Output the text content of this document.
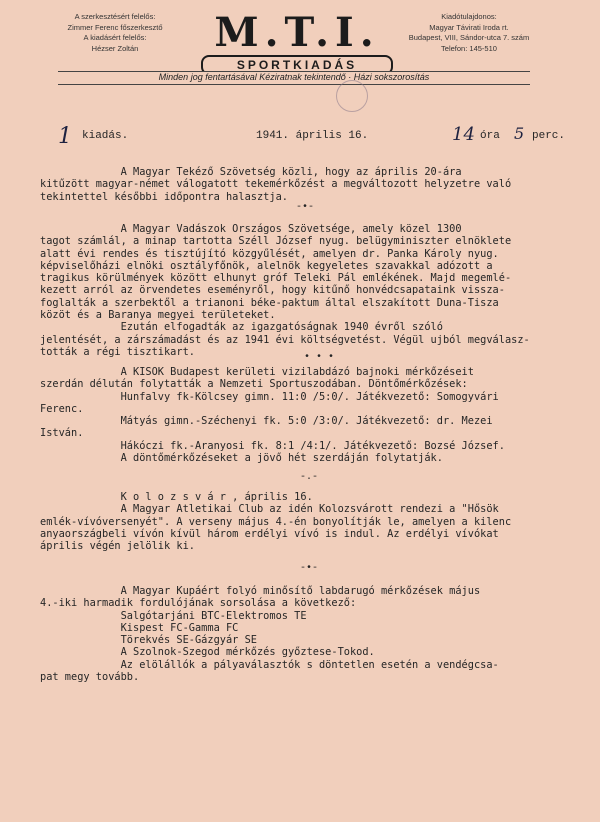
A szerkesztésért felelős:
Zimmer Ferenc főszerkesztő
A kiadásért felelős:
Hézser Zoltán	M.T.I.
SPORTKIADÁS
Kiadótulajdonos:
Magyar Távirati Iroda rt.
Budapest, VIII, Sándor-utca 7. szám
Telefon: 145-510
Minden jog fentartásával Kéziratnak tekintendő · Házi sokszorosítás
1 kiadás.	1941. április 16.	14 óra 5 perc.
A Magyar Tekéző Szövetség közli, hogy az április 20-ára
kitűzött magyar-német válogatott tekemérkőzést a megváltozott helyzetre való
tekintettel későbbi időpontra halasztja.
-•-
A Magyar Vadászok Országos Szövetsége, amely közel 1300
tagot számlál, a minap tartotta Széll József nyug. belügyminiszter elnöklete
alatt évi rendes és tisztújító közgyűlését, amelyen dr. Panka Károly nyug.
képviselőházi elnöki osztályfőnök, alelnök kegyeletes szavakkal adózott a
tragikus körülmények között elhunyt gróf Teleki Pál emlékének. Majd megemlé-
kezett arról az örvendetes eseményről, hogy kitűnő honvédcsapataink vissza-
foglalták a szerbektől a trianoni béke-paktum által elszakított Duna-Tisza
közöt és a Baranya megyei területeket.
Ezután elfogadták az igazgatóságnak 1940 évről szóló
jelentését, a zárszámadást és az 1941 évi költségvetést. Végül ujból megválasz-
tották a régi tisztikart.	• • •
A KISOK Budapest kerületi vizilabdázó bajnoki mérkőzéseit
szerdán délután folytatták a Nemzeti Sportuszodában. Döntőmérkőzések:
Hunfalvy fk-Kölcsey gimn. 11:0 /5:0/. Játékvezető: Somogyvári
Ferenc.
Mátyás gimn.-Széchenyi fk. 5:0 /3:0/. Játékvezető: dr. Mezei
István.
Hákóczi fk.-Aranyosi fk. 8:1 /4:1/. Játékvezető: Bozsé József.
A döntőmérkőzéseket a jövő hét szerdáján folytatják.
-.-
K o l o z s v á r , április 16.
A Magyar Atletikai Club az idén Kolozsvárott rendezi a "Hősök
emlék-vívóversenyét". A verseny május 4.-én bonyolítják le, amelyen a kilenc
anyaországbeli vívón kívül három erdélyi vívó is indul. Az erdélyi vívókat
április végén jelölik ki.
-•-
A Magyar Kupáért folyó minősítő labdarugó mérkőzések május
4.-iki harmadik fordulójának sorsolása a következő:
Salgótarjáni BTC-Elektromos TE
Kispest FC-Gamma FC
Törekvés SE-Gázgyár SE
A Szolnok-Szegod mérkőzés győztese-Tokod.
Az elölállók a pályaválasztók s döntetlen esetén a vendégcsa-
pat megy tovább.
